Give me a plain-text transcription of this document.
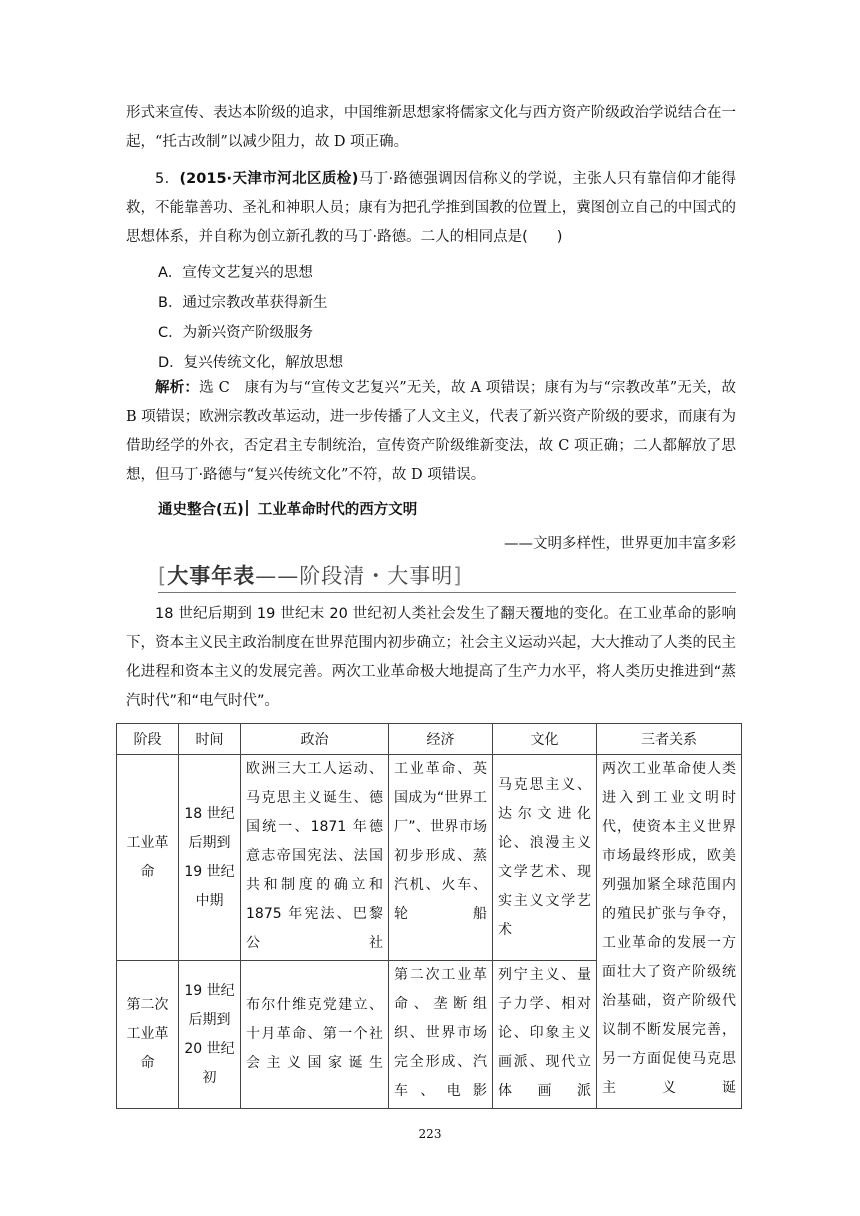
形式来宣传、表达本阶级的追求，中国维新思想家将儒家文化与西方资产阶级政治学说结合在一起，“托古改制”以减少阻力，故 D 项正确。

5．(2015·天津市河北区质检)马丁·路德强调因信称义的学说，主张人只有靠信仰才能得救，不能靠善功、圣礼和神职人员；康有为把孔学推到国教的位置上，冀图创立自己的中国式的思想体系，并自称为创立新孔教的马丁·路德。二人的相同点是(　　)

A．宣传文艺复兴的思想
B．通过宗教改革获得新生
C．为新兴资产阶级服务
D．复兴传统文化，解放思想

解析：选 C　康有为与“宣传文艺复兴”无关，故 A 项错误；康有为与“宗教改革”无关，故 B 项错误；欧洲宗教改革运动，进一步传播了人文主义，代表了新兴资产阶级的要求，而康有为借助经学的外衣，否定君主专制统治，宣传资产阶级维新变法，故 C 项正确；二人都解放了思想，但马丁·路德与“复兴传统文化”不符，故 D 项错误。

通史整合(五) 工业革命时代的西方文明
——文明多样性，世界更加丰富多彩
[大事年表——阶段清・大事明]

18 世纪后期到 19 世纪末 20 世纪初人类社会发生了翻天覆地的变化。在工业革命的影响下，资本主义民主政治制度在世界范围内初步确立；社会主义运动兴起，大大推动了人类的民主化进程和资本主义的发展完善。两次工业革命极大地提高了生产力水平，将人类历史推进到“蒸汽时代”和“电气时代”。

阶段	时间	政治	经济	文化	三者关系
工业革命	18 世纪后期到 19 世纪中期	欧洲三大工人运动、马克思主义诞生、德国统一、1871 年德意志帝国宪法、法国共和制度的确立和 1875 年宪法、巴黎公社	工业革命、英国成为“世界工厂”、世界市场初步形成、蒸汽机、火车、轮船	马克思主义、达尔文进化论、浪漫主义文学艺术、现实主义文学艺术	两次工业革命使人类进入到工业文明时代，使资本主义世界市场最终形成，欧美列强加紧全球范围内的殖民扩张与争夺，工业革命的发展一方面壮大了资产阶级统治基础，资产阶级代议制不断发展完善，另一方面促使马克思主义诞
第二次工业革命	19 世纪后期到 20 世纪初	布尔什维克党建立、十月革命、第一个社会主义国家诞生	第二次工业革命、垄断组织、世界市场完全形成、汽车、电影	列宁主义、量子力学、相对论、印象主义画派、现代立体画派	
223
